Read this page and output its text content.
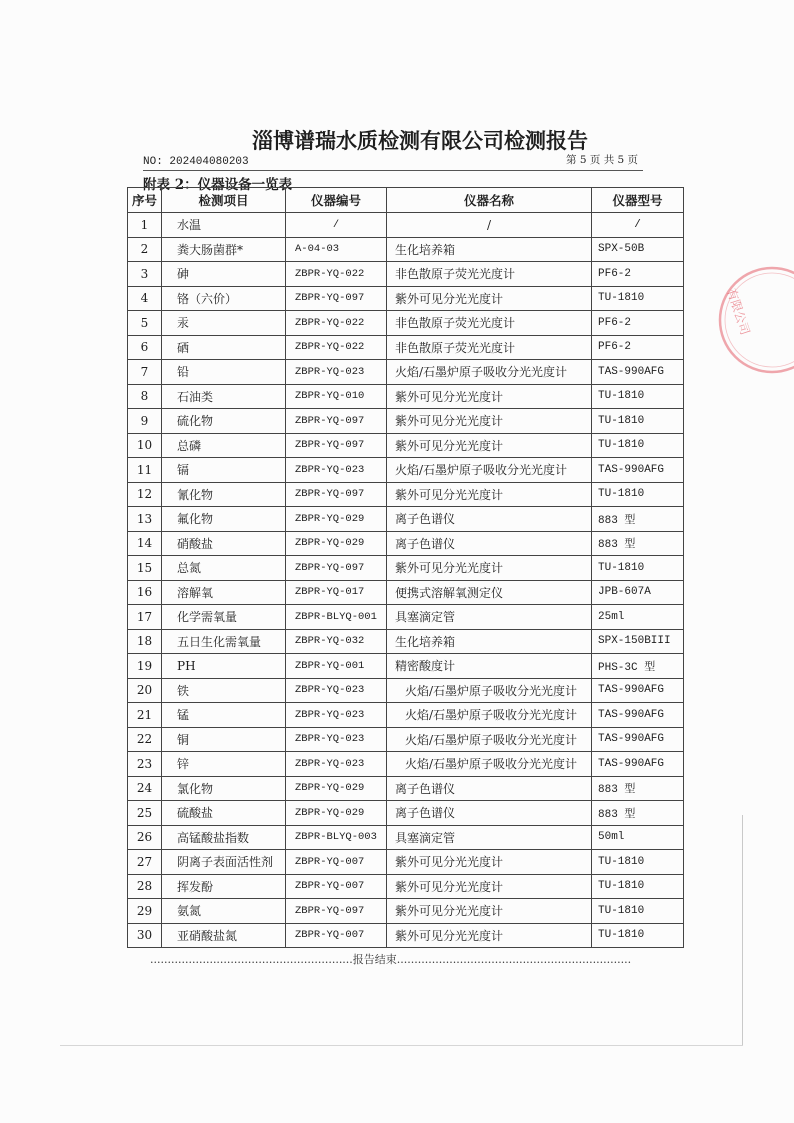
淄博谱瑞水质检测有限公司检测报告
NO: 202404080203	第 5 页 共 5 页
附表 2：仪器设备一览表
序号	检测项目	仪器编号	仪器名称	仪器型号
1	水温	/	/	/
2	粪大肠菌群*	A-04-03	生化培养箱	SPX-50B
3	砷	ZBPR-YQ-022	非色散原子荧光光度计	PF6-2
4	铬（六价）	ZBPR-YQ-097	紫外可见分光光度计	TU-1810
5	汞	ZBPR-YQ-022	非色散原子荧光光度计	PF6-2
6	硒	ZBPR-YQ-022	非色散原子荧光光度计	PF6-2
7	铅	ZBPR-YQ-023	火焰/石墨炉原子吸收分光光度计	TAS-990AFG
8	石油类	ZBPR-YQ-010	紫外可见分光光度计	TU-1810
9	硫化物	ZBPR-YQ-097	紫外可见分光光度计	TU-1810
10	总磷	ZBPR-YQ-097	紫外可见分光光度计	TU-1810
11	镉	ZBPR-YQ-023	火焰/石墨炉原子吸收分光光度计	TAS-990AFG
12	氰化物	ZBPR-YQ-097	紫外可见分光光度计	TU-1810
13	氟化物	ZBPR-YQ-029	离子色谱仪	883 型
14	硝酸盐	ZBPR-YQ-029	离子色谱仪	883 型
15	总氮	ZBPR-YQ-097	紫外可见分光光度计	TU-1810
16	溶解氧	ZBPR-YQ-017	便携式溶解氧测定仪	JPB-607A
17	化学需氧量	ZBPR-BLYQ-001	具塞滴定管	25ml
18	五日生化需氧量	ZBPR-YQ-032	生化培养箱	SPX-150BIII
19	PH	ZBPR-YQ-001	精密酸度计	PHS-3C 型
20	铁	ZBPR-YQ-023	火焰/石墨炉原子吸收分光光度计	TAS-990AFG
21	锰	ZBPR-YQ-023	火焰/石墨炉原子吸收分光光度计	TAS-990AFG
22	铜	ZBPR-YQ-023	火焰/石墨炉原子吸收分光光度计	TAS-990AFG
23	锌	ZBPR-YQ-023	火焰/石墨炉原子吸收分光光度计	TAS-990AFG
24	氯化物	ZBPR-YQ-029	离子色谱仪	883 型
25	硫酸盐	ZBPR-YQ-029	离子色谱仪	883 型
26	高锰酸盐指数	ZBPR-BLYQ-003	具塞滴定管	50ml
27	阴离子表面活性剂	ZBPR-YQ-007	紫外可见分光光度计	TU-1810
28	挥发酚	ZBPR-YQ-007	紫外可见分光光度计	TU-1810
29	氨氮	ZBPR-YQ-097	紫外可见分光光度计	TU-1810
30	亚硝酸盐氮	ZBPR-YQ-007	紫外可见分光光度计	TU-1810
..........................................................报告结束...................................................................
有限公司
